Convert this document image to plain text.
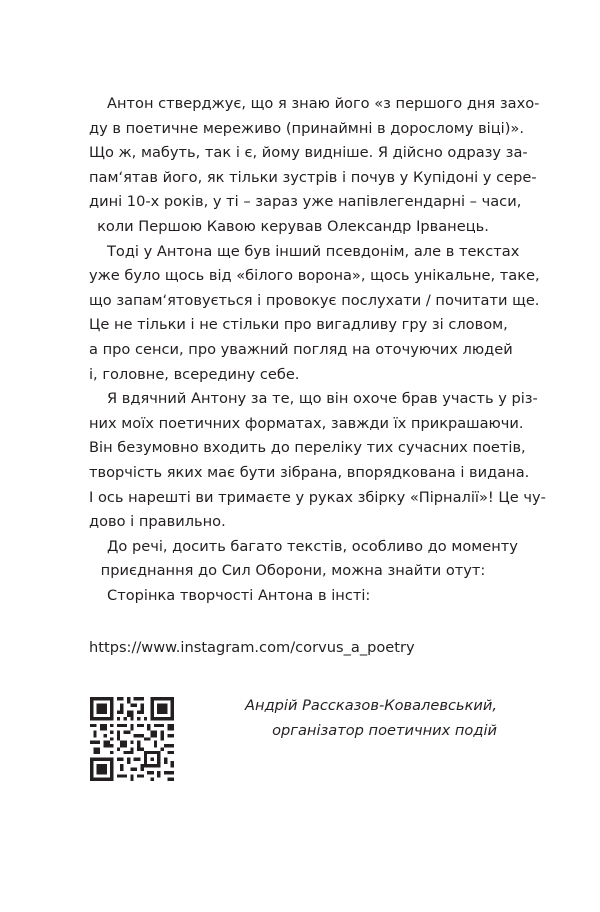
Антон стверджує, що я знаю його «з першого дня захо-
ду в поетичне мереживо (принаймні в дорослому віці)».
Що ж, мабуть, так і є, йому видніше. Я дійсно одразу за-
пам‘ятав його, як тільки зустрів і почув у Купідоні у сере-
дині 10-х років, у ті – зараз уже напівлегендарні – часи,
коли Першою Кавою керував Олександр Ірванець.
Тоді у Антона ще був інший псевдонім, але в текстах
уже було щось від «білого ворона», щось унікальне, таке,
що запам‘ятовується і провокує послухати / почитати ще.
Це не тільки і не стільки про вигадливу гру зі словом,
а про сенси, про уважний погляд на оточуючих людей
і, головне, всередину себе.
Я вдячний Антону за те, що він охоче брав участь у різ-
них моїх поетичних форматах, завжди їх прикрашаючи.
Він безумовно входить до переліку тих сучасних поетів,
творчість яких має бути зібрана, впорядкована і видана.
І ось нарешті ви тримаєте у руках збірку «Пірналії»! Це чу-
дово і правильно.
До речі, досить багато текстів, особливо до моменту
приєднання до Сил Оборони, можна знайти отут:
Сторінка творчості Антона в інсті:
https://www.instagram.com/corvus_a_poetry
Андрій Рассказов-Ковалевський,
організатор поетичних подій
